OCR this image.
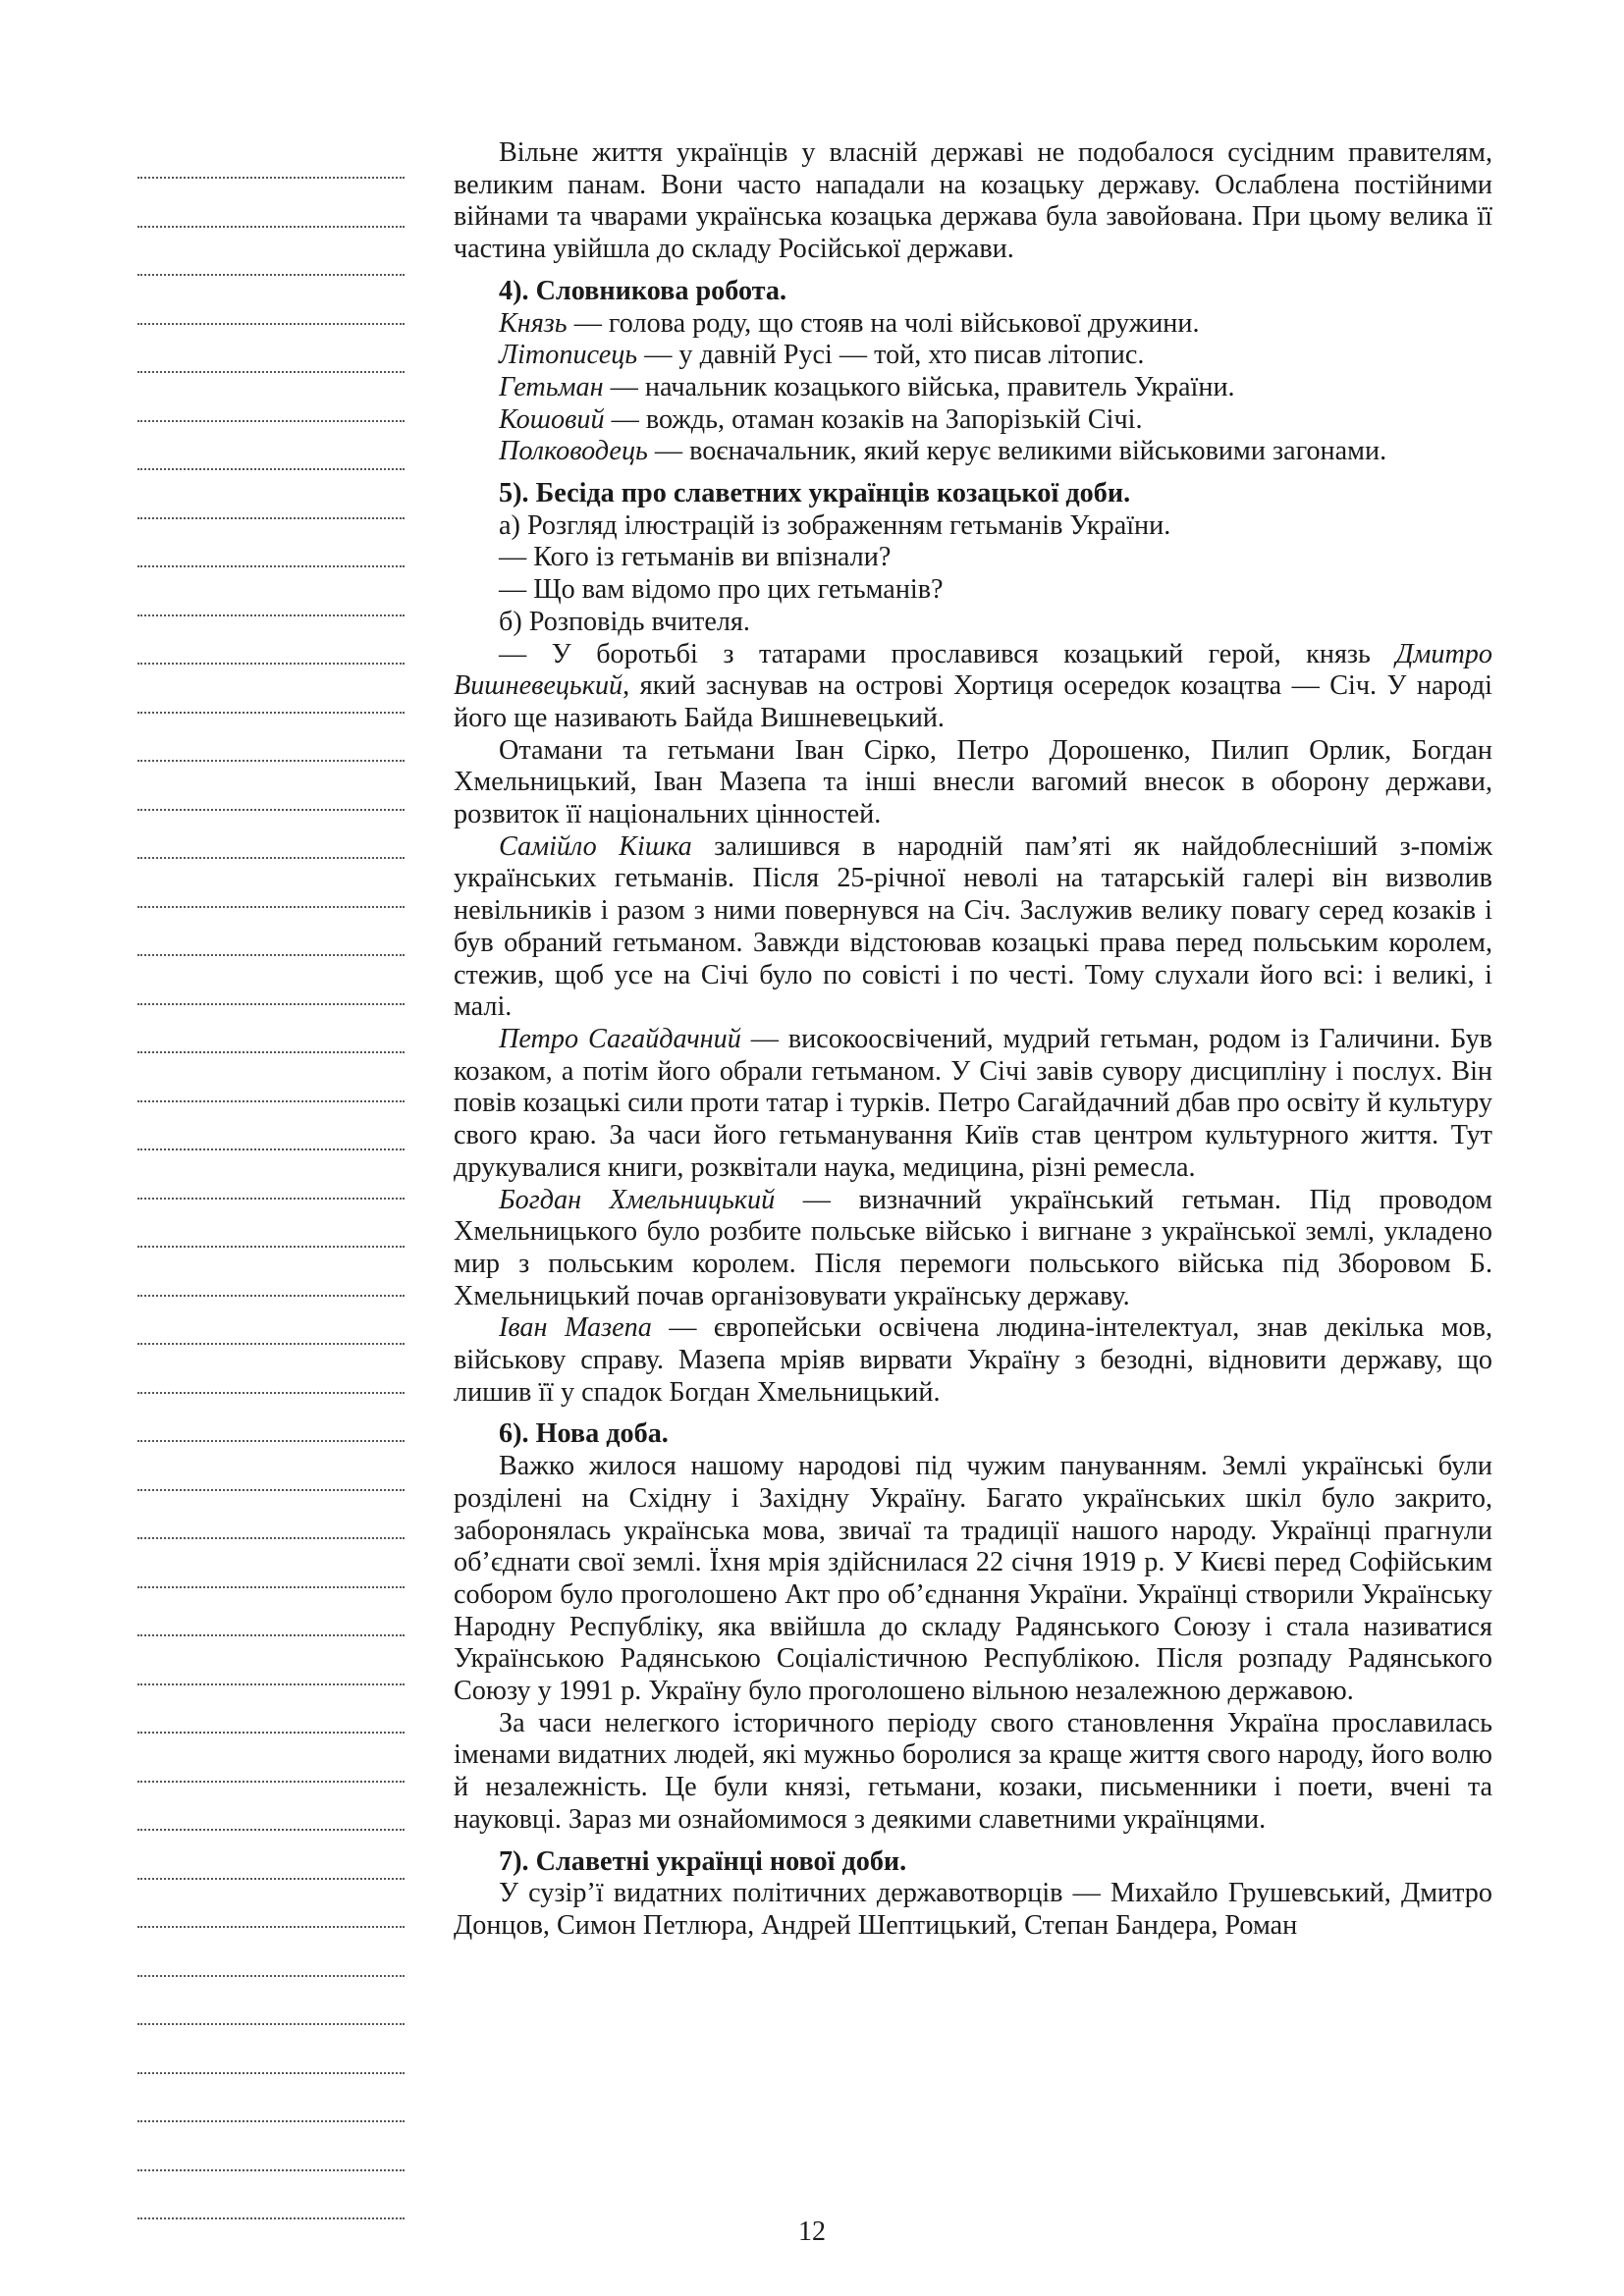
Вільне життя українців у власній державі не подобалося сусідним правителям, великим панам. Вони часто нападали на козацьку державу. Ослаблена постійними війнами та чварами українська козацька держава була завойована. При цьому велика її частина увійшла до складу Російської держави.

4). Словникова робота.

Князь — голова роду, що стояв на чолі військової дружини.

Літописець — у давній Русі — той, хто писав літопис.

Гетьман — начальник козацького війська, правитель України.

Кошовий — вождь, отаман козаків на Запорізькій Січі.

Полководець — воєначальник, який керує великими військовими загонами.

5). Бесіда про славетних українців козацької доби.

а) Розгляд ілюстрацій із зображенням гетьманів України.

— Кого із гетьманів ви впізнали?

— Що вам відомо про цих гетьманів?

б) Розповідь вчителя.

— У боротьбі з татарами прославився козацький герой, князь Дмитро Вишневецький, який заснував на острові Хортиця осередок козацтва — Січ. У народі його ще називають Байда Вишневецький.

Отамани та гетьмани Іван Сірко, Петро Дорошенко, Пилип Орлик, Богдан Хмельницький, Іван Мазепа та інші внесли вагомий внесок в оборону держави, розвиток її національних цінностей.

Самійло Кішка залишився в народній пам’яті як найдоблесніший з-поміж українських гетьманів. Після 25-річної неволі на татарській галері він визволив невільників і разом з ними повернувся на Січ. Заслужив велику повагу серед козаків і був обраний гетьманом. Завжди відстоював козацькі права перед польським королем, стежив, щоб усе на Січі було по совісті і по честі. Тому слухали його всі: і великі, і малі.

Петро Сагайдачний — високоосвічений, мудрий гетьман, родом із Галичини. Був козаком, а потім його обрали гетьманом. У Січі завів сувору дисципліну і послух. Він повів козацькі сили проти татар і турків. Петро Сагайдачний дбав про освіту й культуру свого краю. За часи його гетьманування Київ став центром культурного життя. Тут друкувалися книги, розквітали наука, медицина, різні ремесла.

Богдан Хмельницький — визначний український гетьман. Під проводом Хмельницького було розбите польське військо і вигнане з української землі, укладено мир з польським королем. Після перемоги польського війська під Зборовом Б. Хмельницький почав організовувати українську державу.

Іван Мазепа — європейськи освічена людина-інтелектуал, знав декілька мов, військову справу. Мазепа мріяв вирвати Україну з безодні, відновити державу, що лишив її у спадок Богдан Хмельницький.

6). Нова доба.

Важко жилося нашому народові під чужим пануванням. Землі українські були розділені на Східну і Західну Україну. Багато українських шкіл було закрито, заборонялась українська мова, звичаї та традиції нашого народу. Українці прагнули об’єднати свої землі. Їхня мрія здійснилася 22 січня 1919 р. У Києві перед Софійським собором було проголошено Акт про об’єднання України. Українці створили Українську Народну Республіку, яка ввійшла до складу Радянського Союзу і стала називатися Українською Радянською Соціалістичною Республікою. Після розпаду Радянського Союзу у 1991 р. Україну було проголошено вільною незалежною державою.

За часи нелегкого історичного періоду свого становлення Україна прославилась іменами видатних людей, які мужньо боролися за краще життя свого народу, його волю й незалежність. Це були князі, гетьмани, козаки, письменники і поети, вчені та науковці. Зараз ми ознайомимося з деякими славетними українцями.

7). Славетні українці нової доби.

У сузір’ї видатних політичних державотворців — Михайло Грушевський, Дмитро Донцов, Симон Петлюра, Андрей Шептицький, Степан Бандера, Роман

12
